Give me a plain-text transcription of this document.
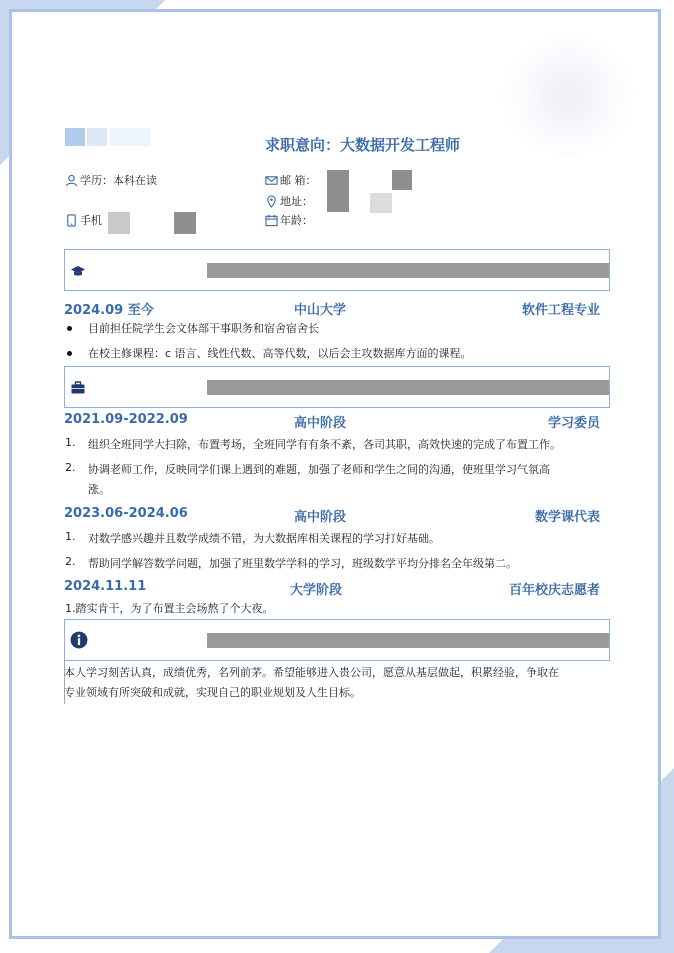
求职意向：大数据开发工程师
学历：本科在读
手机
邮 箱：
地址：
年龄：
2024.09 至今	中山大学	软件工程专业
目前担任院学生会文体部干事职务和宿舍宿舍长
在校主修课程：c 语言、线性代数、高等代数，以后会主攻数据库方面的课程。
2021.09-2022.09	高中阶段	学习委员
1. 组织全班同学大扫除，布置考场，全班同学有有条不紊，各司其职，高效快速的完成了布置工作。
2. 协调老师工作，反映同学们课上遇到的难题，加强了老师和学生之间的沟通，使班里学习气氛高
涨。
2023.06-2024.06	高中阶段	数学课代表
1. 对数学感兴趣并且数学成绩不错，为大数据库相关课程的学习打好基础。
2. 帮助同学解答数学问题，加强了班里数学学科的学习，班级数学平均分排名全年级第二。
2024.11.11	大学阶段	百年校庆志愿者
1.踏实肯干，为了布置主会场熬了个大夜。
本人学习刻苦认真，成绩优秀，名列前茅。希望能够进入贵公司，愿意从基层做起，积累经验，争取在
专业领域有所突破和成就，实现自己的职业规划及人生目标。
